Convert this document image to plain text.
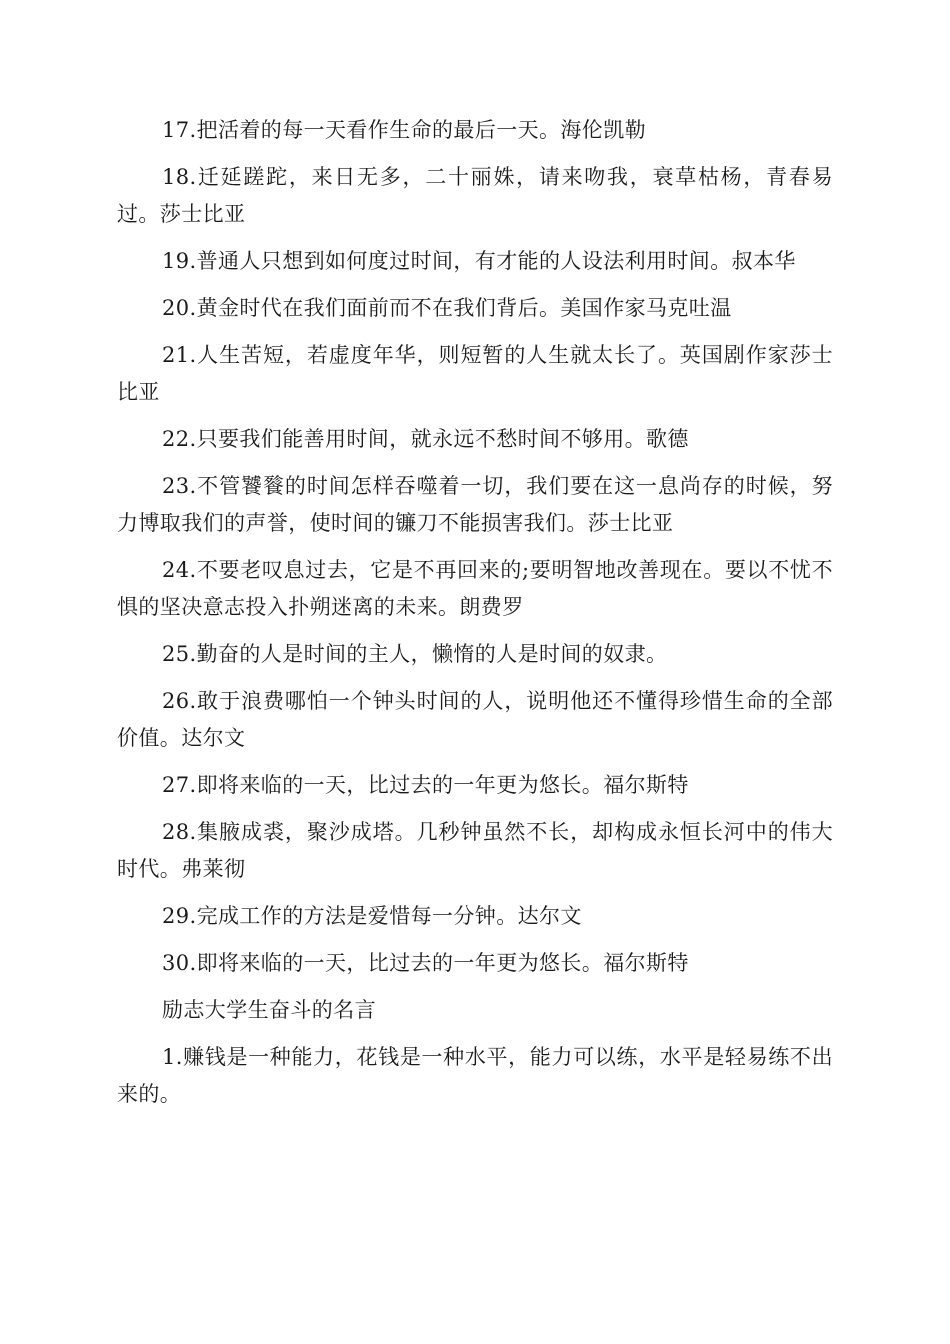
17.把活着的每一天看作生命的最后一天。海伦凯勒

18.迁延蹉跎，来日无多，二十丽姝，请来吻我，衰草枯杨，青春易过。莎士比亚

19.普通人只想到如何度过时间，有才能的人设法利用时间。叔本华

20.黄金时代在我们面前而不在我们背后。美国作家马克吐温

21.人生苦短，若虚度年华，则短暂的人生就太长了。英国剧作家莎士比亚

22.只要我们能善用时间，就永远不愁时间不够用。歌德

23.不管饕餮的时间怎样吞噬着一切，我们要在这一息尚存的时候，努力博取我们的声誉，使时间的镰刀不能损害我们。莎士比亚

24.不要老叹息过去，它是不再回来的;要明智地改善现在。要以不忧不惧的坚决意志投入扑朔迷离的未来。朗费罗

25.勤奋的人是时间的主人，懒惰的人是时间的奴隶。

26.敢于浪费哪怕一个钟头时间的人，说明他还不懂得珍惜生命的全部价值。达尔文

27.即将来临的一天，比过去的一年更为悠长。福尔斯特

28.集腋成裘，聚沙成塔。几秒钟虽然不长，却构成永恒长河中的伟大时代。弗莱彻

29.完成工作的方法是爱惜每一分钟。达尔文

30.即将来临的一天，比过去的一年更为悠长。福尔斯特

励志大学生奋斗的名言

1.赚钱是一种能力，花钱是一种水平，能力可以练，水平是轻易练不出来的。
